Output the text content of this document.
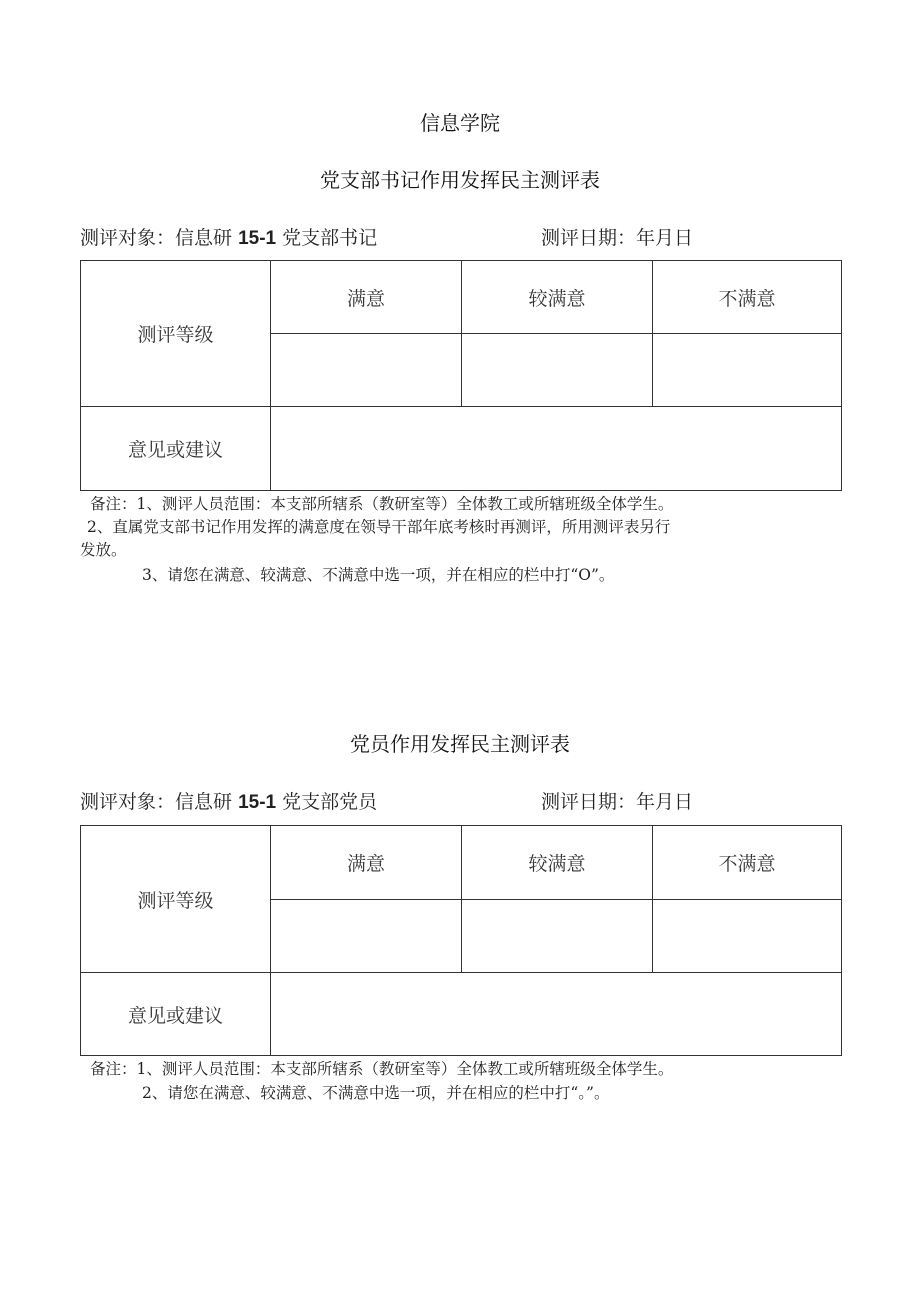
信息学院
党支部书记作用发挥民主测评表
测评对象：信息研 15-1 党支部书记	测评日期：年月日
测评等级
满意	较满意	不满意
意见或建议
备注：1、测评人员范围：本支部所辖系（教研室等）全体教工或所辖班级全体学生。
2、直属党支部书记作用发挥的满意度在领导干部年底考核时再测评，所用测评表另行
发放。
3、请您在满意、较满意、不满意中选一项，并在相应的栏中打“O”。
党员作用发挥民主测评表
测评对象：信息研 15-1 党支部党员	测评日期：年月日
测评等级
满意	较满意	不满意
意见或建议
备注：1、测评人员范围：本支部所辖系（教研室等）全体教工或所辖班级全体学生。
2、请您在满意、较满意、不满意中选一项，并在相应的栏中打“。”。
